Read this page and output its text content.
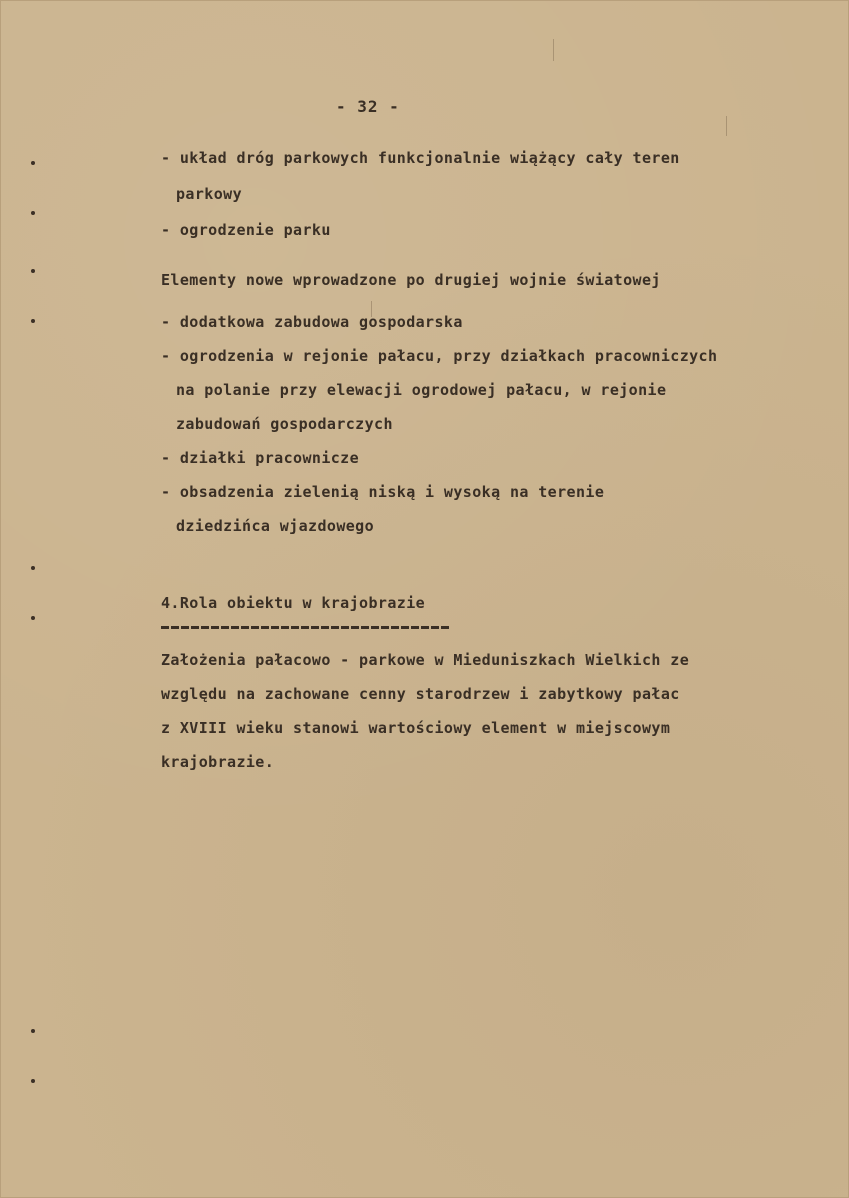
- 32 -
- układ dróg parkowych funkcjonalnie wiążący cały teren
parkowy
- ogrodzenie parku
Elementy nowe wprowadzone po drugiej wojnie światowej
- dodatkowa zabudowa gospodarska
- ogrodzenia w rejonie pałacu, przy działkach pracowniczych
na polanie przy elewacji ogrodowej pałacu, w rejonie
zabudowań gospodarczych
- działki pracownicze
- obsadzenia zielenią niską i wysoką na terenie
dziedzińca wjazdowego
4.Rola obiektu w krajobrazie
Założenia pałacowo - parkowe w Mieduniszkach Wielkich ze
względu na zachowane cenny starodrzew i zabytkowy pałac
z XVIII wieku stanowi wartościowy element w miejscowym
krajobrazie.
